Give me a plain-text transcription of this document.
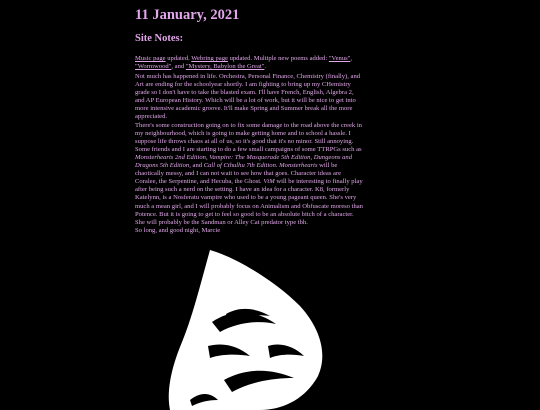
11 January, 2021
Site Notes:
Music page updated. Webring page updated. Multiple new poems added: "Venus", "Wormwood", and "Mystery, Babylon the Great".

Not much has happened in life. Orchestra, Personal Finance, Chemistry (finally), and Art are ending for the schoolyear shortly. I am fighting to bring up my CHemistry grade so I don't have to take the blasted exam. I'll have French, English, Algebra 2, and AP European History. Which will be a lot of work, but it will be nice to get into more intensive academic groove. It'll make Spring and Summer break all the more appreciated.

There's some construction going on to fix some damage to the road above the creek in my neighbourhood, which is going to make getting home and to school a hassle. I suppose life throws chaos at all of us, so it's good that it's no minor. Still annoying.

Some friends and I are starting to do a few small campaigns of some TTRPGs such as Monsterhearts 2nd Edition, Vampire: The Masquerade 5th Edition, Dungeons and Dragons 5th Edition, and Call of Cthulhu 7th Edition. Monsterhearts will be chaotically messy, and I can not wait to see how that goes. Character ideas are Coralee, the Serpentine, and Hecuba, the Ghost. VtM will be interesting to finally play after being such a nerd on the setting. I have an idea for a character. K8, formerly Katelynn, is a Nosferatu vampire who used to be a young pageant queen. She's very much a mean girl, and I will probably focus on Animalism and Obfuscate moreso than Potence. But it is going to get to feel so good to be an absolute bitch of a character. She will probably be the Sandman or Alley Cat predator type tbh.

So long, and good night, Marcie
